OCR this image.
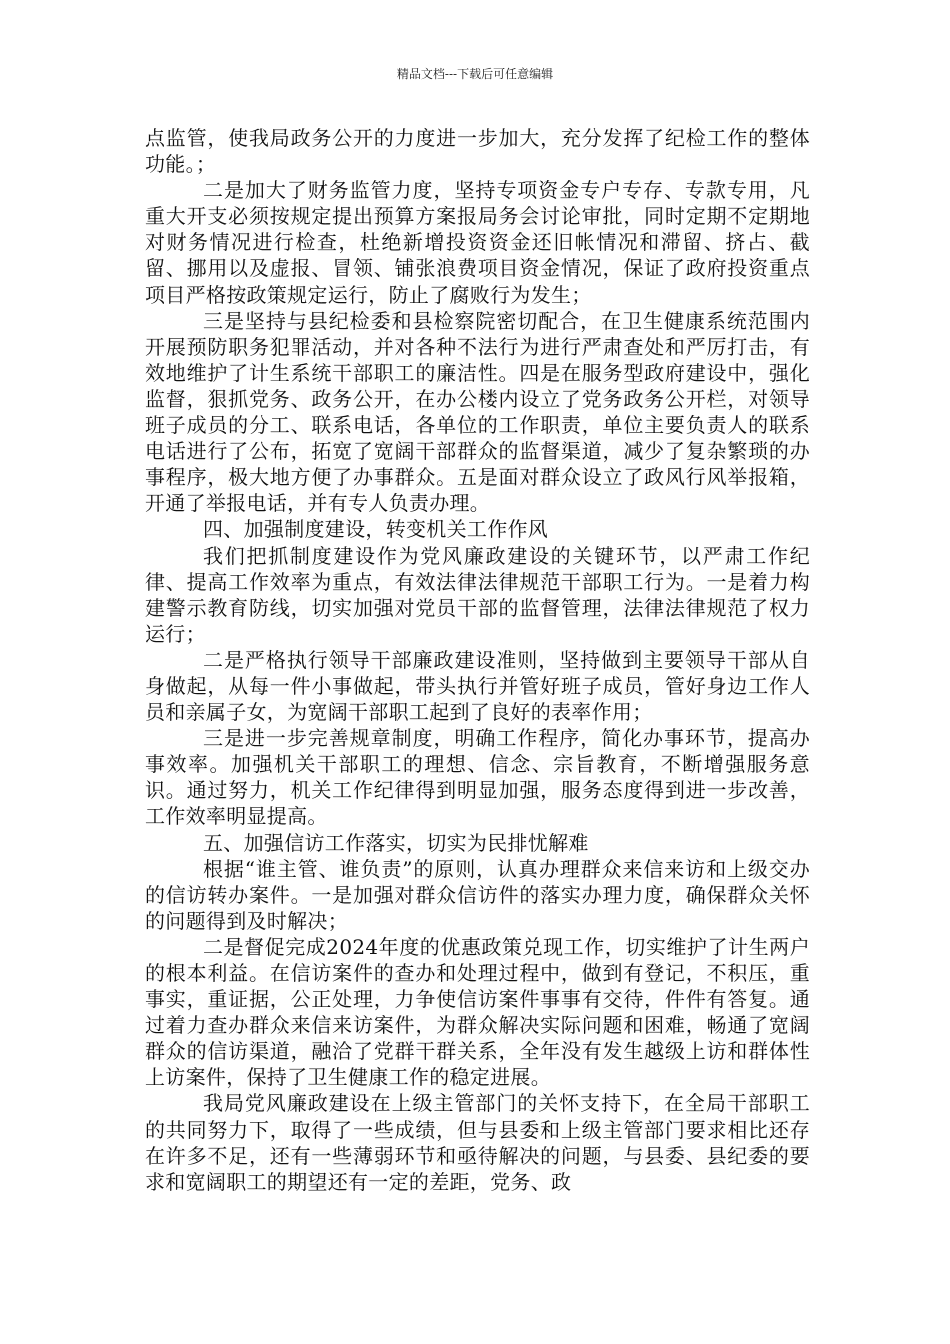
精品文档---下载后可任意编辑

点监管，使我局政务公开的力度进一步加大，充分发挥了纪检工作的整体功能。；

二是加大了财务监管力度，坚持专项资金专户专存、专款专用，凡重大开支必须按规定提出预算方案报局务会讨论审批，同时定期不定期地对财务情况进行检查，杜绝新增投资资金还旧帐情况和滞留、挤占、截留、挪用以及虚报、冒领、铺张浪费项目资金情况，保证了政府投资重点项目严格按政策规定运行，防止了腐败行为发生；

三是坚持与县纪检委和县检察院密切配合，在卫生健康系统范围内开展预防职务犯罪活动，并对各种不法行为进行严肃查处和严厉打击，有效地维护了计生系统干部职工的廉洁性。四是在服务型政府建设中，强化监督，狠抓党务、政务公开，在办公楼内设立了党务政务公开栏，对领导班子成员的分工、联系电话，各单位的工作职责，单位主要负责人的联系电话进行了公布，拓宽了宽阔干部群众的监督渠道，减少了复杂繁琐的办事程序，极大地方便了办事群众。五是面对群众设立了政风行风举报箱，开通了举报电话，并有专人负责办理。

四、加强制度建设，转变机关工作作风

我们把抓制度建设作为党风廉政建设的关键环节，以严肃工作纪律、提高工作效率为重点，有效法律法律规范干部职工行为。一是着力构建警示教育防线，切实加强对党员干部的监督管理，法律法律规范了权力运行；

二是严格执行领导干部廉政建设准则，坚持做到主要领导干部从自身做起，从每一件小事做起，带头执行并管好班子成员，管好身边工作人员和亲属子女，为宽阔干部职工起到了良好的表率作用；

三是进一步完善规章制度，明确工作程序，简化办事环节，提高办事效率。加强机关干部职工的理想、信念、宗旨教育，不断增强服务意识。通过努力，机关工作纪律得到明显加强，服务态度得到进一步改善，工作效率明显提高。

五、加强信访工作落实，切实为民排忧解难

根据“谁主管、谁负责”的原则，认真办理群众来信来访和上级交办的信访转办案件。一是加强对群众信访件的落实办理力度，确保群众关怀的问题得到及时解决；

二是督促完成2024年度的优惠政策兑现工作，切实维护了计生两户的根本利益。在信访案件的查办和处理过程中，做到有登记，不积压，重事实，重证据，公正处理，力争使信访案件事事有交待，件件有答复。通过着力查办群众来信来访案件，为群众解决实际问题和困难，畅通了宽阔群众的信访渠道，融洽了党群干群关系，全年没有发生越级上访和群体性上访案件，保持了卫生健康工作的稳定进展。

我局党风廉政建设在上级主管部门的关怀支持下，在全局干部职工的共同努力下，取得了一些成绩，但与县委和上级主管部门要求相比还存在许多不足，还有一些薄弱环节和亟待解决的问题，与县委、县纪委的要求和宽阔职工的期望还有一定的差距，党务、政
